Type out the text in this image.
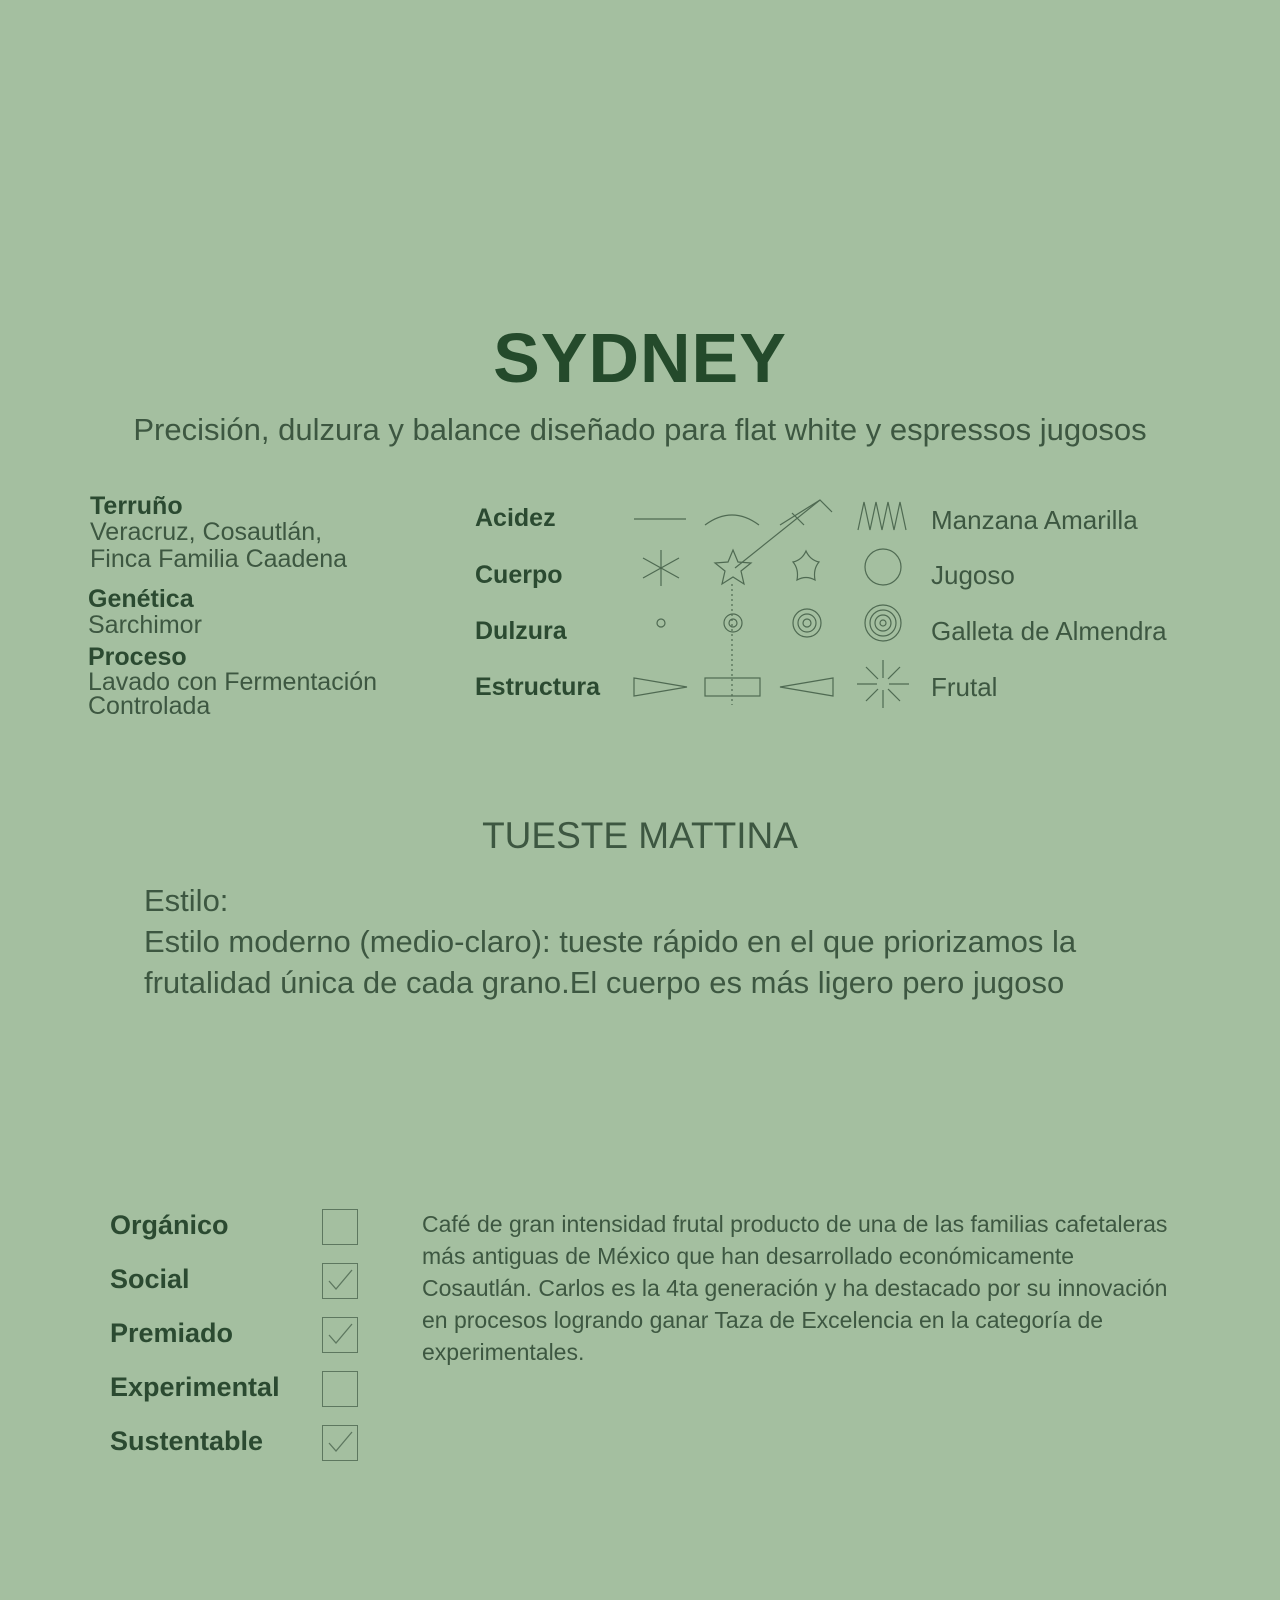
SYDNEY
Precisión, dulzura y balance diseñado para flat white y espressos jugosos
Terruño
Veracruz, Cosautlán,
Finca Familia Caadena
Genética
Sarchimor
Proceso
Lavado con Fermentación
Controlada
Acidez
Cuerpo
Dulzura
Estructura
Manzana Amarilla
Jugoso
Galleta de Almendra
Frutal
TUESTE MATTINA
Estilo:
Estilo moderno (medio-claro): tueste rápido en el que priorizamos la frutalidad única de cada grano.El cuerpo es más ligero pero jugoso
Orgánico
Social
Premiado
Experimental
Sustentable
Café de gran intensidad frutal producto de una de las familias cafetaleras más antiguas de México que han desarrollado económicamente Cosautlán. Carlos es la 4ta generación y ha destacado por su innovación en procesos logrando ganar Taza de Excelencia en la categoría de experimentales.
